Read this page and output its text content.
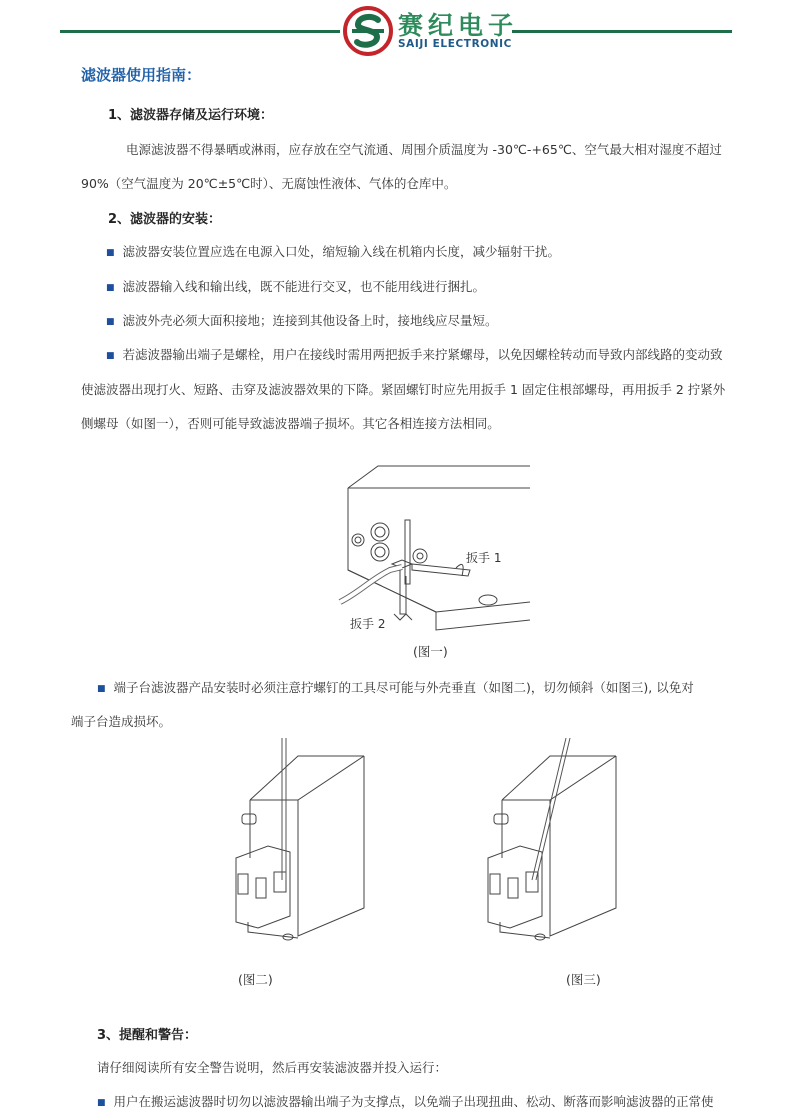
赛纪电子
SAIJI ELECTRONIC
滤波器使用指南：
1、滤波器存储及运行环境：
电源滤波器不得暴晒或淋雨，应存放在空气流通、周围介质温度为 -30℃-+65℃、空气最大相对湿度不超过
90%（空气温度为 20℃±5℃时）、无腐蚀性液体、气体的仓库中。
2、滤波器的安装：
■ 滤波器安装位置应选在电源入口处，缩短输入线在机箱内长度，减少辐射干扰。
■ 滤波器输入线和输出线，既不能进行交叉，也不能用线进行捆扎。
■ 滤波外壳必须大面积接地；连接到其他设备上时，接地线应尽量短。
■ 若滤波器输出端子是螺栓，用户在接线时需用两把扳手来拧紧螺母，以免因螺栓转动而导致内部线路的变动致
使滤波器出现打火、短路、击穿及滤波器效果的下降。紧固螺钉时应先用扳手 1 固定住根部螺母，再用扳手 2 拧紧外
侧螺母（如图一），否则可能导致滤波器端子损坏。其它各相连接方法相同。
扳手 1
扳手 2
(图一)
■ 端子台滤波器产品安装时必须注意拧螺钉的工具尽可能与外壳垂直（如图二)，切勿倾斜（如图三), 以免对
端子台造成损坏。
(图二)	(图三)
3、提醒和警告：
请仔细阅读所有安全警告说明，然后再安装滤波器并投入运行：
■ 用户在搬运滤波器时切勿以滤波器输出端子为支撑点，以免端子出现扭曲、松动、断落而影响滤波器的正常使
